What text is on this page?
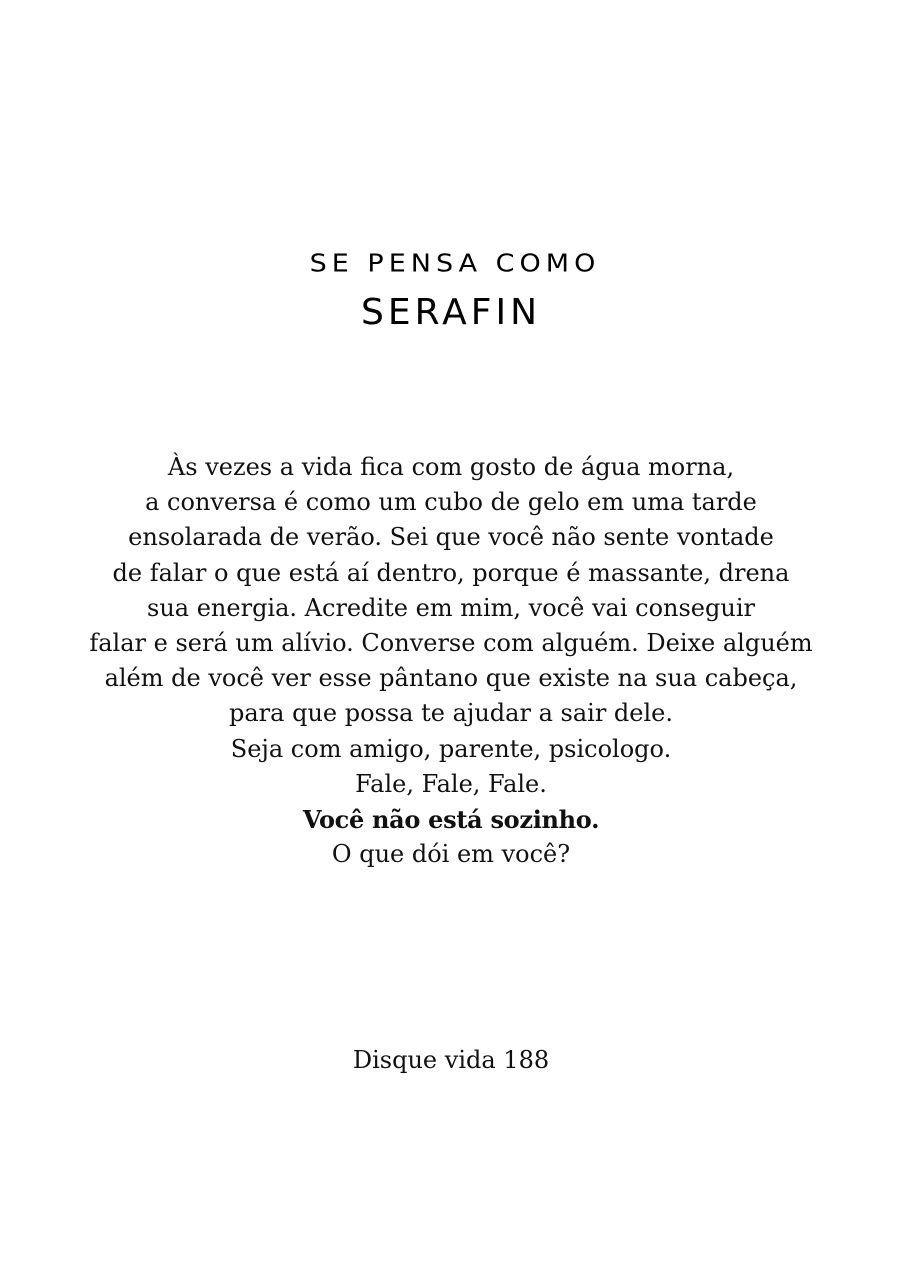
SE PENSA COMO
SERAFIN
Às vezes a vida fica com gosto de água morna,
a conversa é como um cubo de gelo em uma tarde
ensolarada de verão. Sei que você não sente vontade
de falar o que está aí dentro, porque é massante, drena
sua energia. Acredite em mim, você vai conseguir
falar e será um alívio. Converse com alguém. Deixe alguém
além de você ver esse pântano que existe na sua cabeça,
para que possa te ajudar a sair dele.
Seja com amigo, parente, psicologo.
Fale, Fale, Fale.
Você não está sozinho.
O que dói em você?
Disque vida 188
